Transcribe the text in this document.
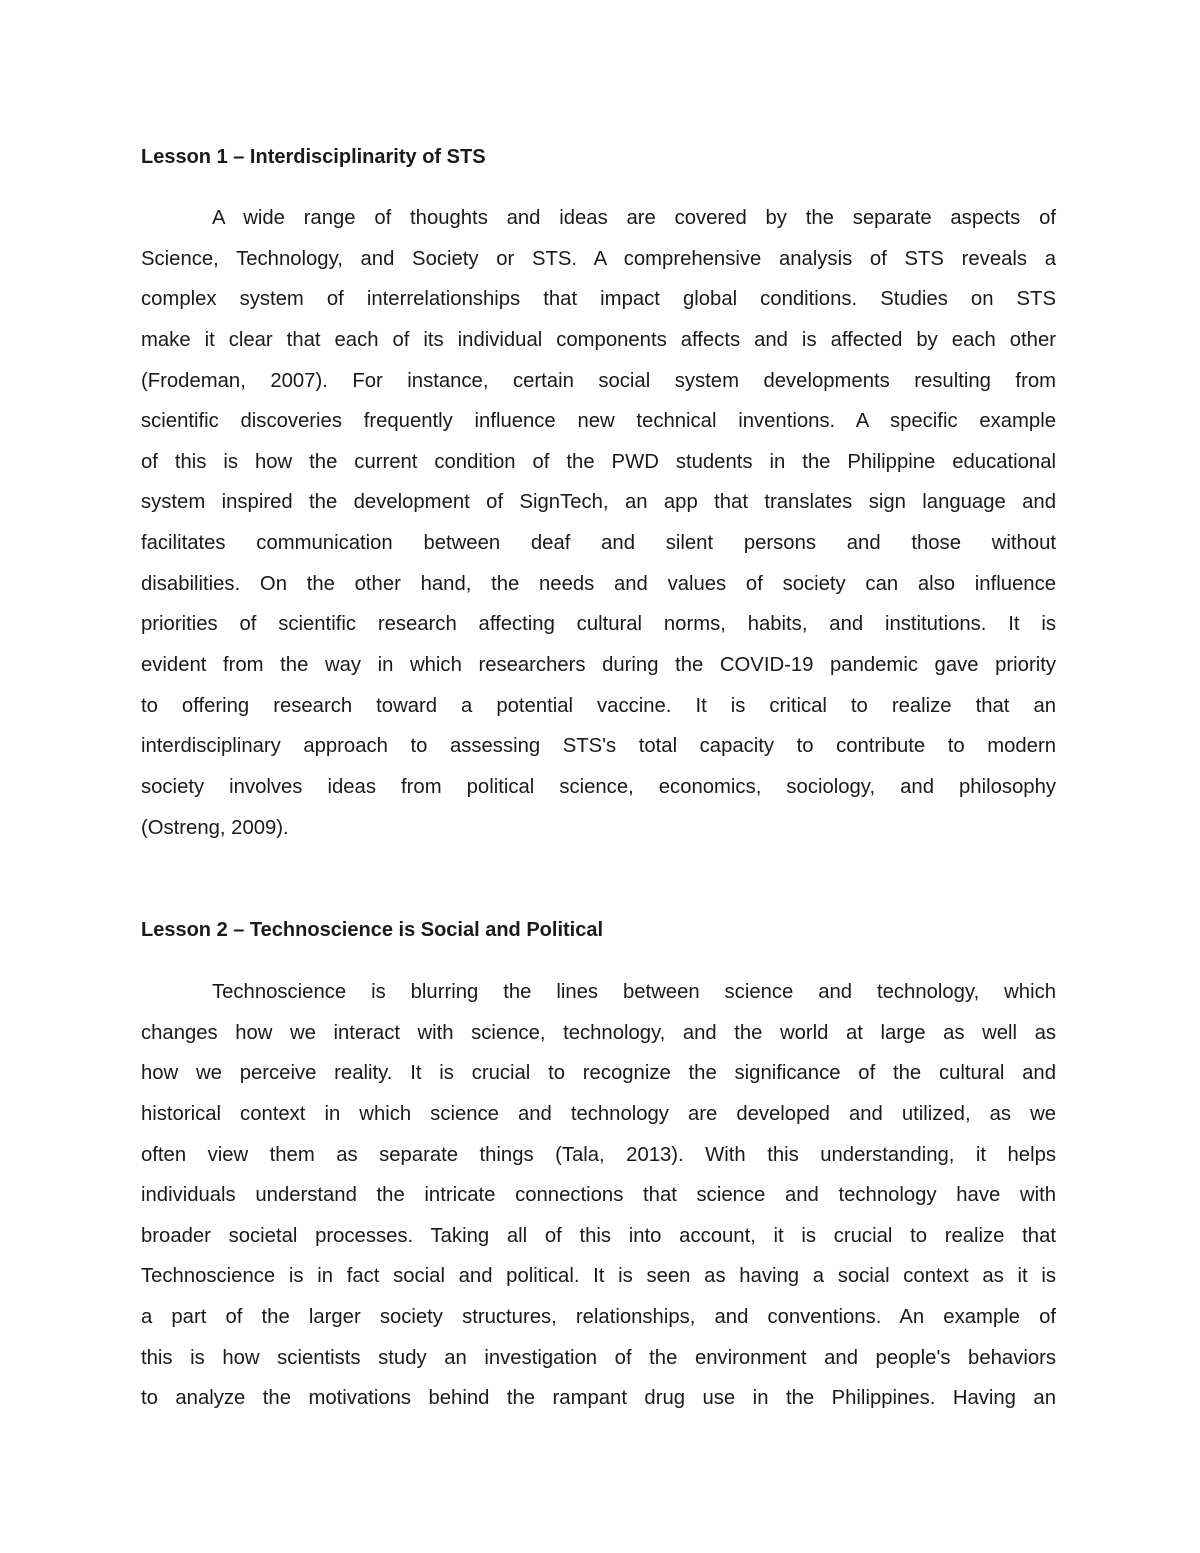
Lesson 1 – Interdisciplinarity of STS
A wide range of thoughts and ideas are covered by the separate aspects of
Science, Technology, and Society or STS. A comprehensive analysis of STS reveals a
complex system of interrelationships that impact global conditions. Studies on STS
make it clear that each of its individual components affects and is affected by each other
(Frodeman, 2007). For instance, certain social system developments resulting from
scientific discoveries frequently influence new technical inventions. A specific example
of this is how the current condition of the PWD students in the Philippine educational
system inspired the development of SignTech, an app that translates sign language and
facilitates communication between deaf and silent persons and those without
disabilities. On the other hand, the needs and values of society can also influence
priorities of scientific research affecting cultural norms, habits, and institutions. It is
evident from the way in which researchers during the COVID-19 pandemic gave priority
to offering research toward a potential vaccine. It is critical to realize that an
interdisciplinary approach to assessing STS's total capacity to contribute to modern
society involves ideas from political science, economics, sociology, and philosophy
(Ostreng, 2009).
Lesson 2 – Technoscience is Social and Political
Technoscience is blurring the lines between science and technology, which
changes how we interact with science, technology, and the world at large as well as
how we perceive reality. It is crucial to recognize the significance of the cultural and
historical context in which science and technology are developed and utilized, as we
often view them as separate things (Tala, 2013). With this understanding, it helps
individuals understand the intricate connections that science and technology have with
broader societal processes. Taking all of this into account, it is crucial to realize that
Technoscience is in fact social and political. It is seen as having a social context as it is
a part of the larger society structures, relationships, and conventions. An example of
this is how scientists study an investigation of the environment and people's behaviors
to analyze the motivations behind the rampant drug use in the Philippines. Having an
